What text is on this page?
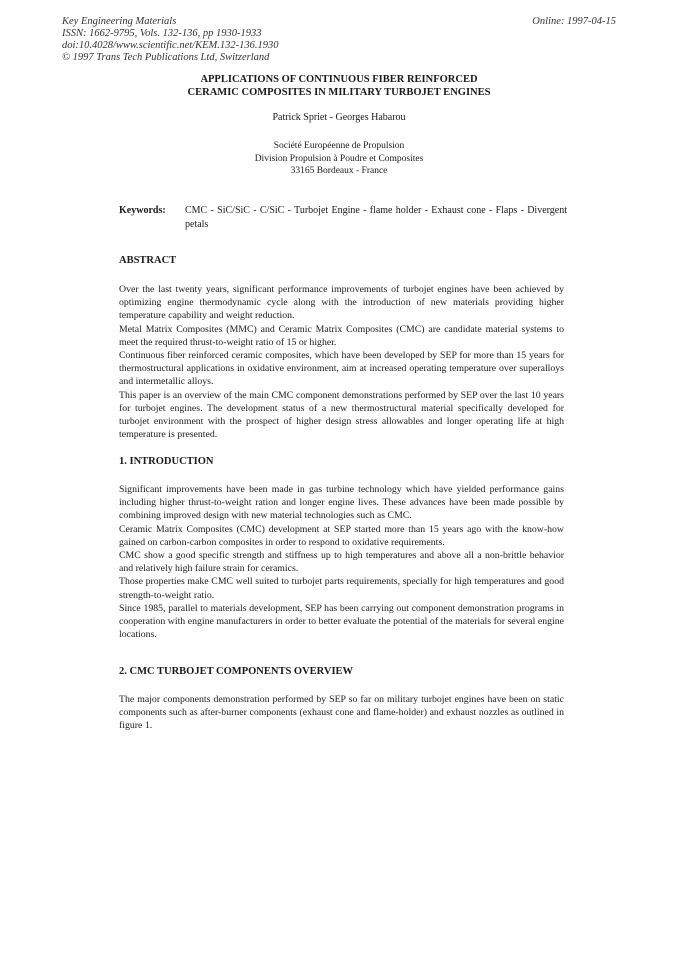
Key Engineering Materials
ISSN: 1662-9795, Vols. 132-136, pp 1930-1933
doi:10.4028/www.scientific.net/KEM.132-136.1930
© 1997 Trans Tech Publications Ltd, Switzerland
Online: 1997-04-15
APPLICATIONS OF CONTINUOUS FIBER REINFORCED
CERAMIC COMPOSITES IN MILITARY TURBOJET ENGINES
Patrick Spriet - Georges Habarou
Société Européenne de Propulsion
Division Propulsion à Poudre et Composites
33165 Bordeaux - France
Keywords:	CMC - SiC/SiC - C/SiC - Turbojet Engine - flame holder - Exhaust cone - Flaps - Divergent petals
ABSTRACT

Over the last twenty years, significant performance improvements of turbojet engines have been achieved by optimizing engine thermodynamic cycle along with the introduction of new materials providing higher temperature capability and weight reduction.

Metal Matrix Composites (MMC) and Ceramic Matrix Composites (CMC) are candidate material systems to meet the required thrust-to-weight ratio of 15 or higher.

Continuous fiber reinforced ceramic composites, which have been developed by SEP for more than 15 years for thermostructural applications in oxidative environment, aim at increased operating temperature over superalloys and intermetallic alloys.

This paper is an overview of the main CMC component demonstrations performed by SEP over the last 10 years for turbojet engines. The development status of a new thermostructural material specifically developed for turbojet environment with the prospect of higher design stress allowables and longer operating life at high temperature is presented.

1. INTRODUCTION

Significant improvements have been made in gas turbine technology which have yielded performance gains including higher thrust-to-weight ration and longer engine lives. These advances have been made possible by combining improved design with new material technologies such as CMC.

Ceramic Matrix Composites (CMC) development at SEP started more than 15 years ago with the know-how gained on carbon-carbon composites in order to respond to oxidative requirements.

CMC show a good specific strength and stiffness up to high temperatures and above all a non-brittle behavior and relatively high failure strain for ceramics.

Those properties make CMC well suited to turbojet parts requirements, specially for high temperatures and good strength-to-weight ratio.

Since 1985, parallel to materials development, SEP has been carrying out component demonstration programs in cooperation with engine manufacturers in order to better evaluate the potential of the materials for several engine locations.

2. CMC TURBOJET COMPONENTS OVERVIEW

The major components demonstration performed by SEP so far on military turbojet engines have been on static components such as after-burner components (exhaust cone and flame-holder) and exhaust nozzles as outlined in figure 1.
